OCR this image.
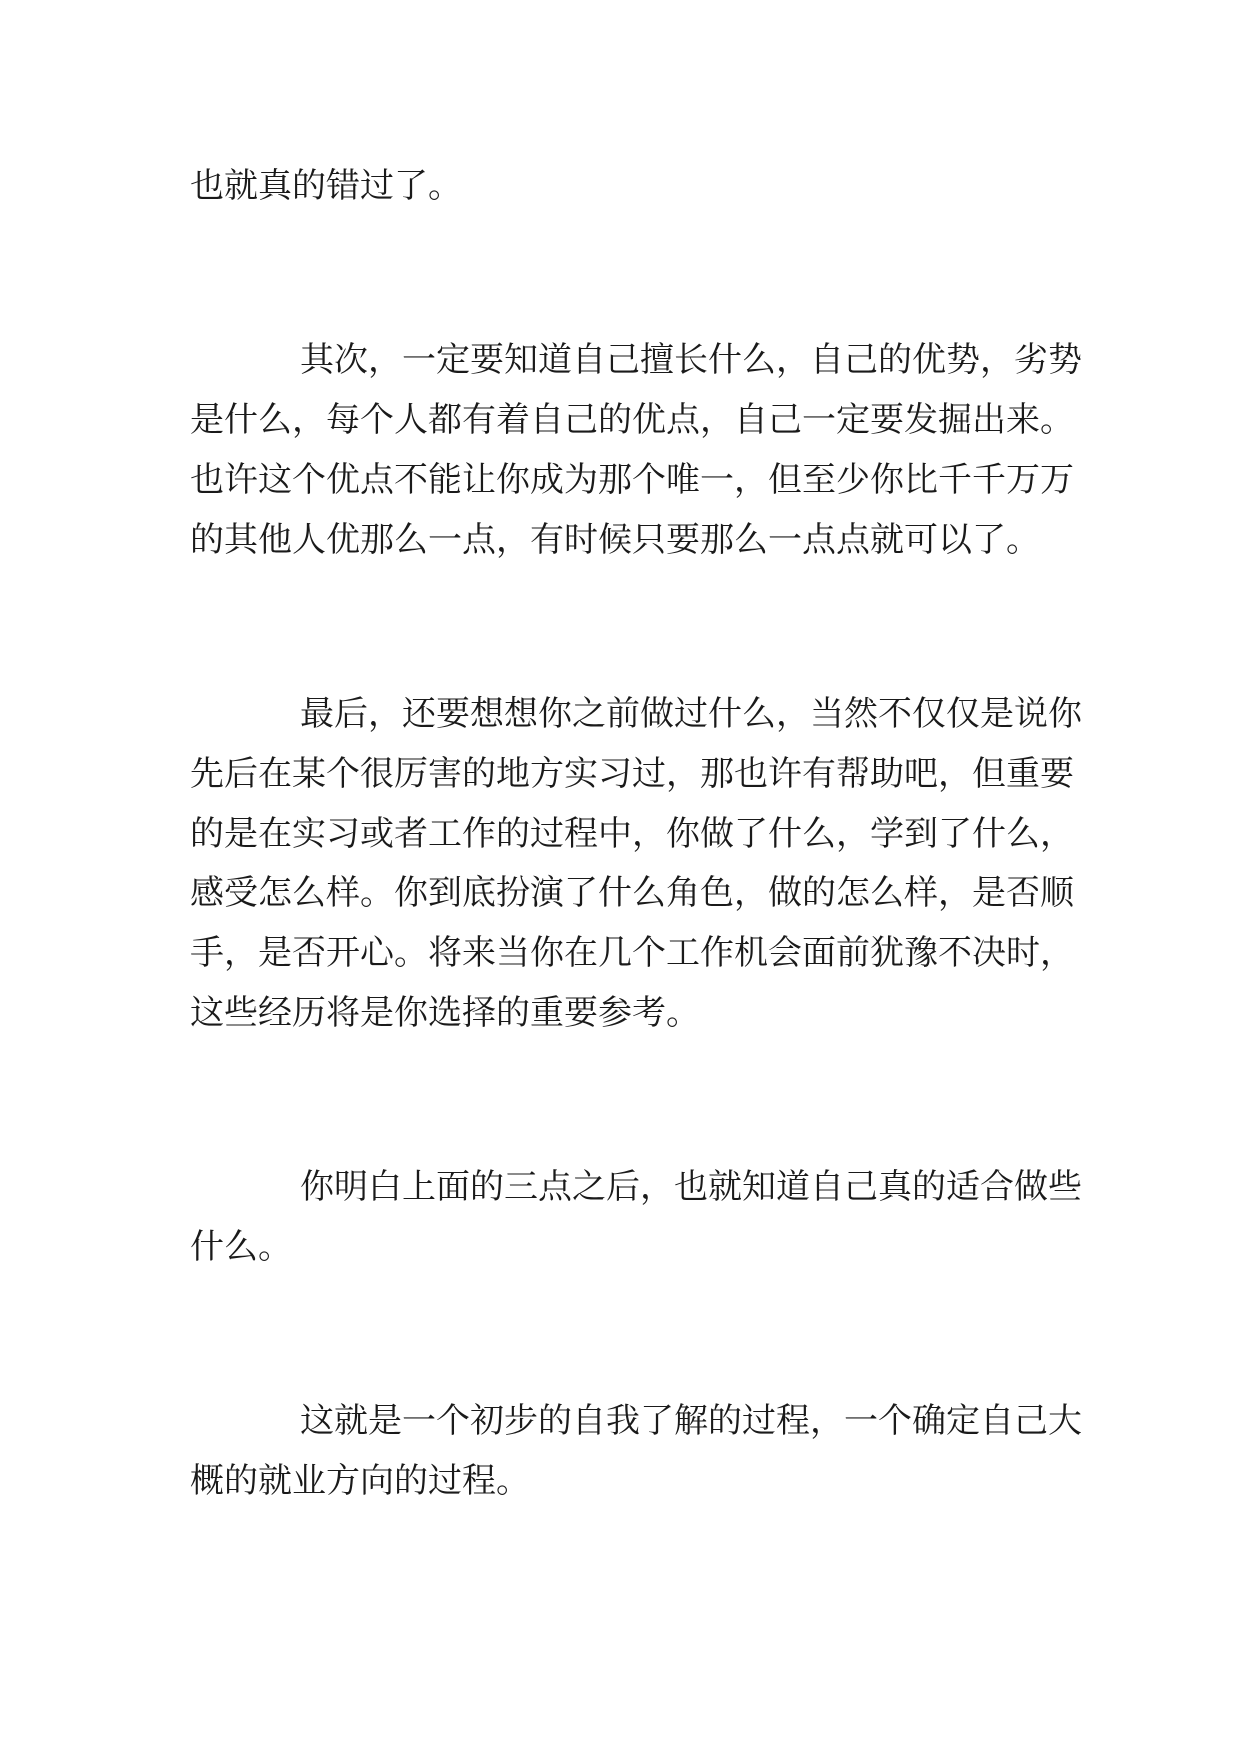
也就真的错过了。

其次，一定要知道自己擅长什么，自己的优势，劣势

是什么，每个人都有着自己的优点，自己一定要发掘出来。

也许这个优点不能让你成为那个唯一，但至少你比千千万万

的其他人优那么一点，有时候只要那么一点点就可以了。

最后，还要想想你之前做过什么，当然不仅仅是说你

先后在某个很厉害的地方实习过，那也许有帮助吧，但重要

的是在实习或者工作的过程中，你做了什么，学到了什么，

感受怎么样。你到底扮演了什么角色，做的怎么样，是否顺

手，是否开心。将来当你在几个工作机会面前犹豫不决时，

这些经历将是你选择的重要参考。

你明白上面的三点之后，也就知道自己真的适合做些

什么。

这就是一个初步的自我了解的过程，一个确定自己大

概的就业方向的过程。
